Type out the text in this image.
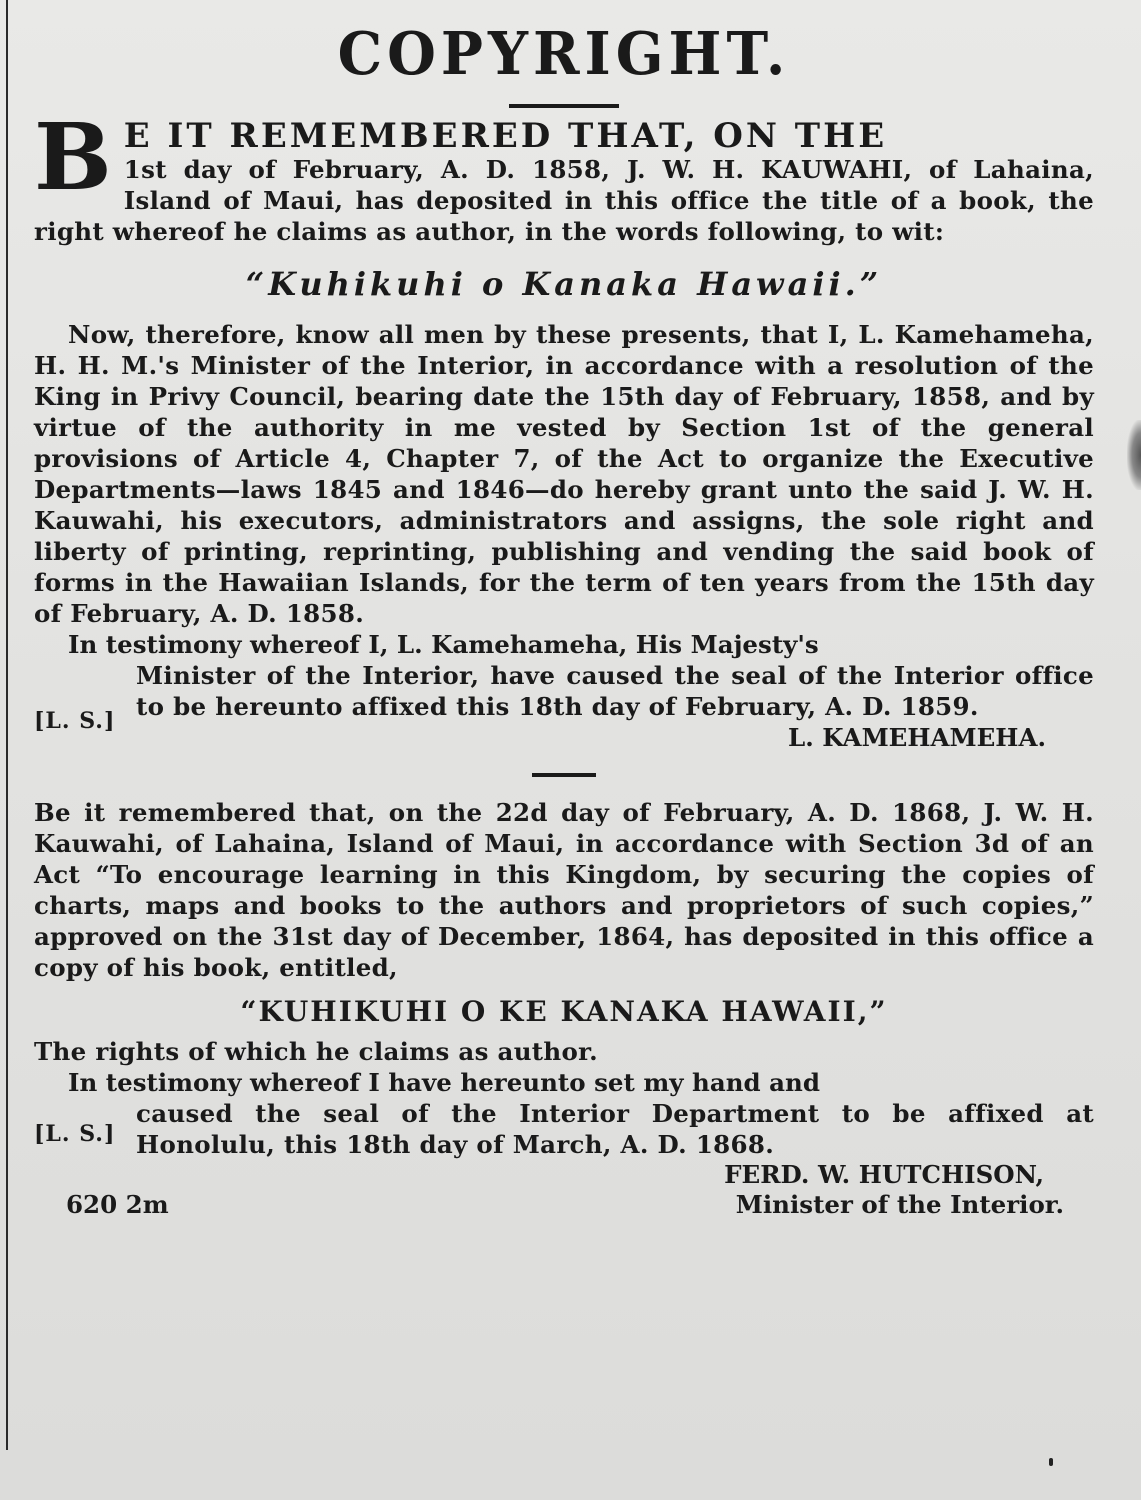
COPYRIGHT.
B E IT REMEMBERED THAT, ON THE

1st day of February, A. D. 1858, J. W. H. KAUWAHI, of Lahaina, Island of Maui, has deposited in this office the title of a book, the right whereof he claims as author, in the words following, to wit:

“Kuhikuhi o Kanaka Hawaii.”

Now, therefore, know all men by these presents, that I, L. Kamehameha, H. H. M.'s Minister of the Interior, in accordance with a resolution of the King in Privy Council, bearing date the 15th day of February, 1858, and by virtue of the authority in me vested by Section 1st of the general provisions of Article 4, Chapter 7, of the Act to organize the Executive Departments—laws 1845 and 1846—do hereby grant unto the said J. W. H. Kauwahi, his executors, administrators and assigns, the sole right and liberty of printing, reprinting, publishing and vending the said book of forms in the Hawaiian Islands, for the term of ten years from the 15th day of February, A. D. 1858.

In testimony whereof I, L. Kamehameha, His Majesty's

[L. S.]

Minister of the Interior, have caused the seal of the Interior office to be hereunto affixed this 18th day of February, A. D. 1859.

L. KAMEHAMEHA.

Be it remembered that, on the 22d day of February, A. D. 1868, J. W. H. Kauwahi, of Lahaina, Island of Maui, in accordance with Section 3d of an Act “To encourage learning in this Kingdom, by securing the copies of charts, maps and books to the authors and proprietors of such copies,” approved on the 31st day of December, 1864, has deposited in this office a copy of his book, entitled,

“KUHIKUHI O KE KANAKA HAWAII,”

The rights of which he claims as author.

In testimony whereof I have hereunto set my hand and

[L. S.]

caused the seal of the Interior Department to be affixed at Honolulu, this 18th day of March, A. D. 1868.

FERD. W. HUTCHISON,
620 2m	Minister of the Interior.
